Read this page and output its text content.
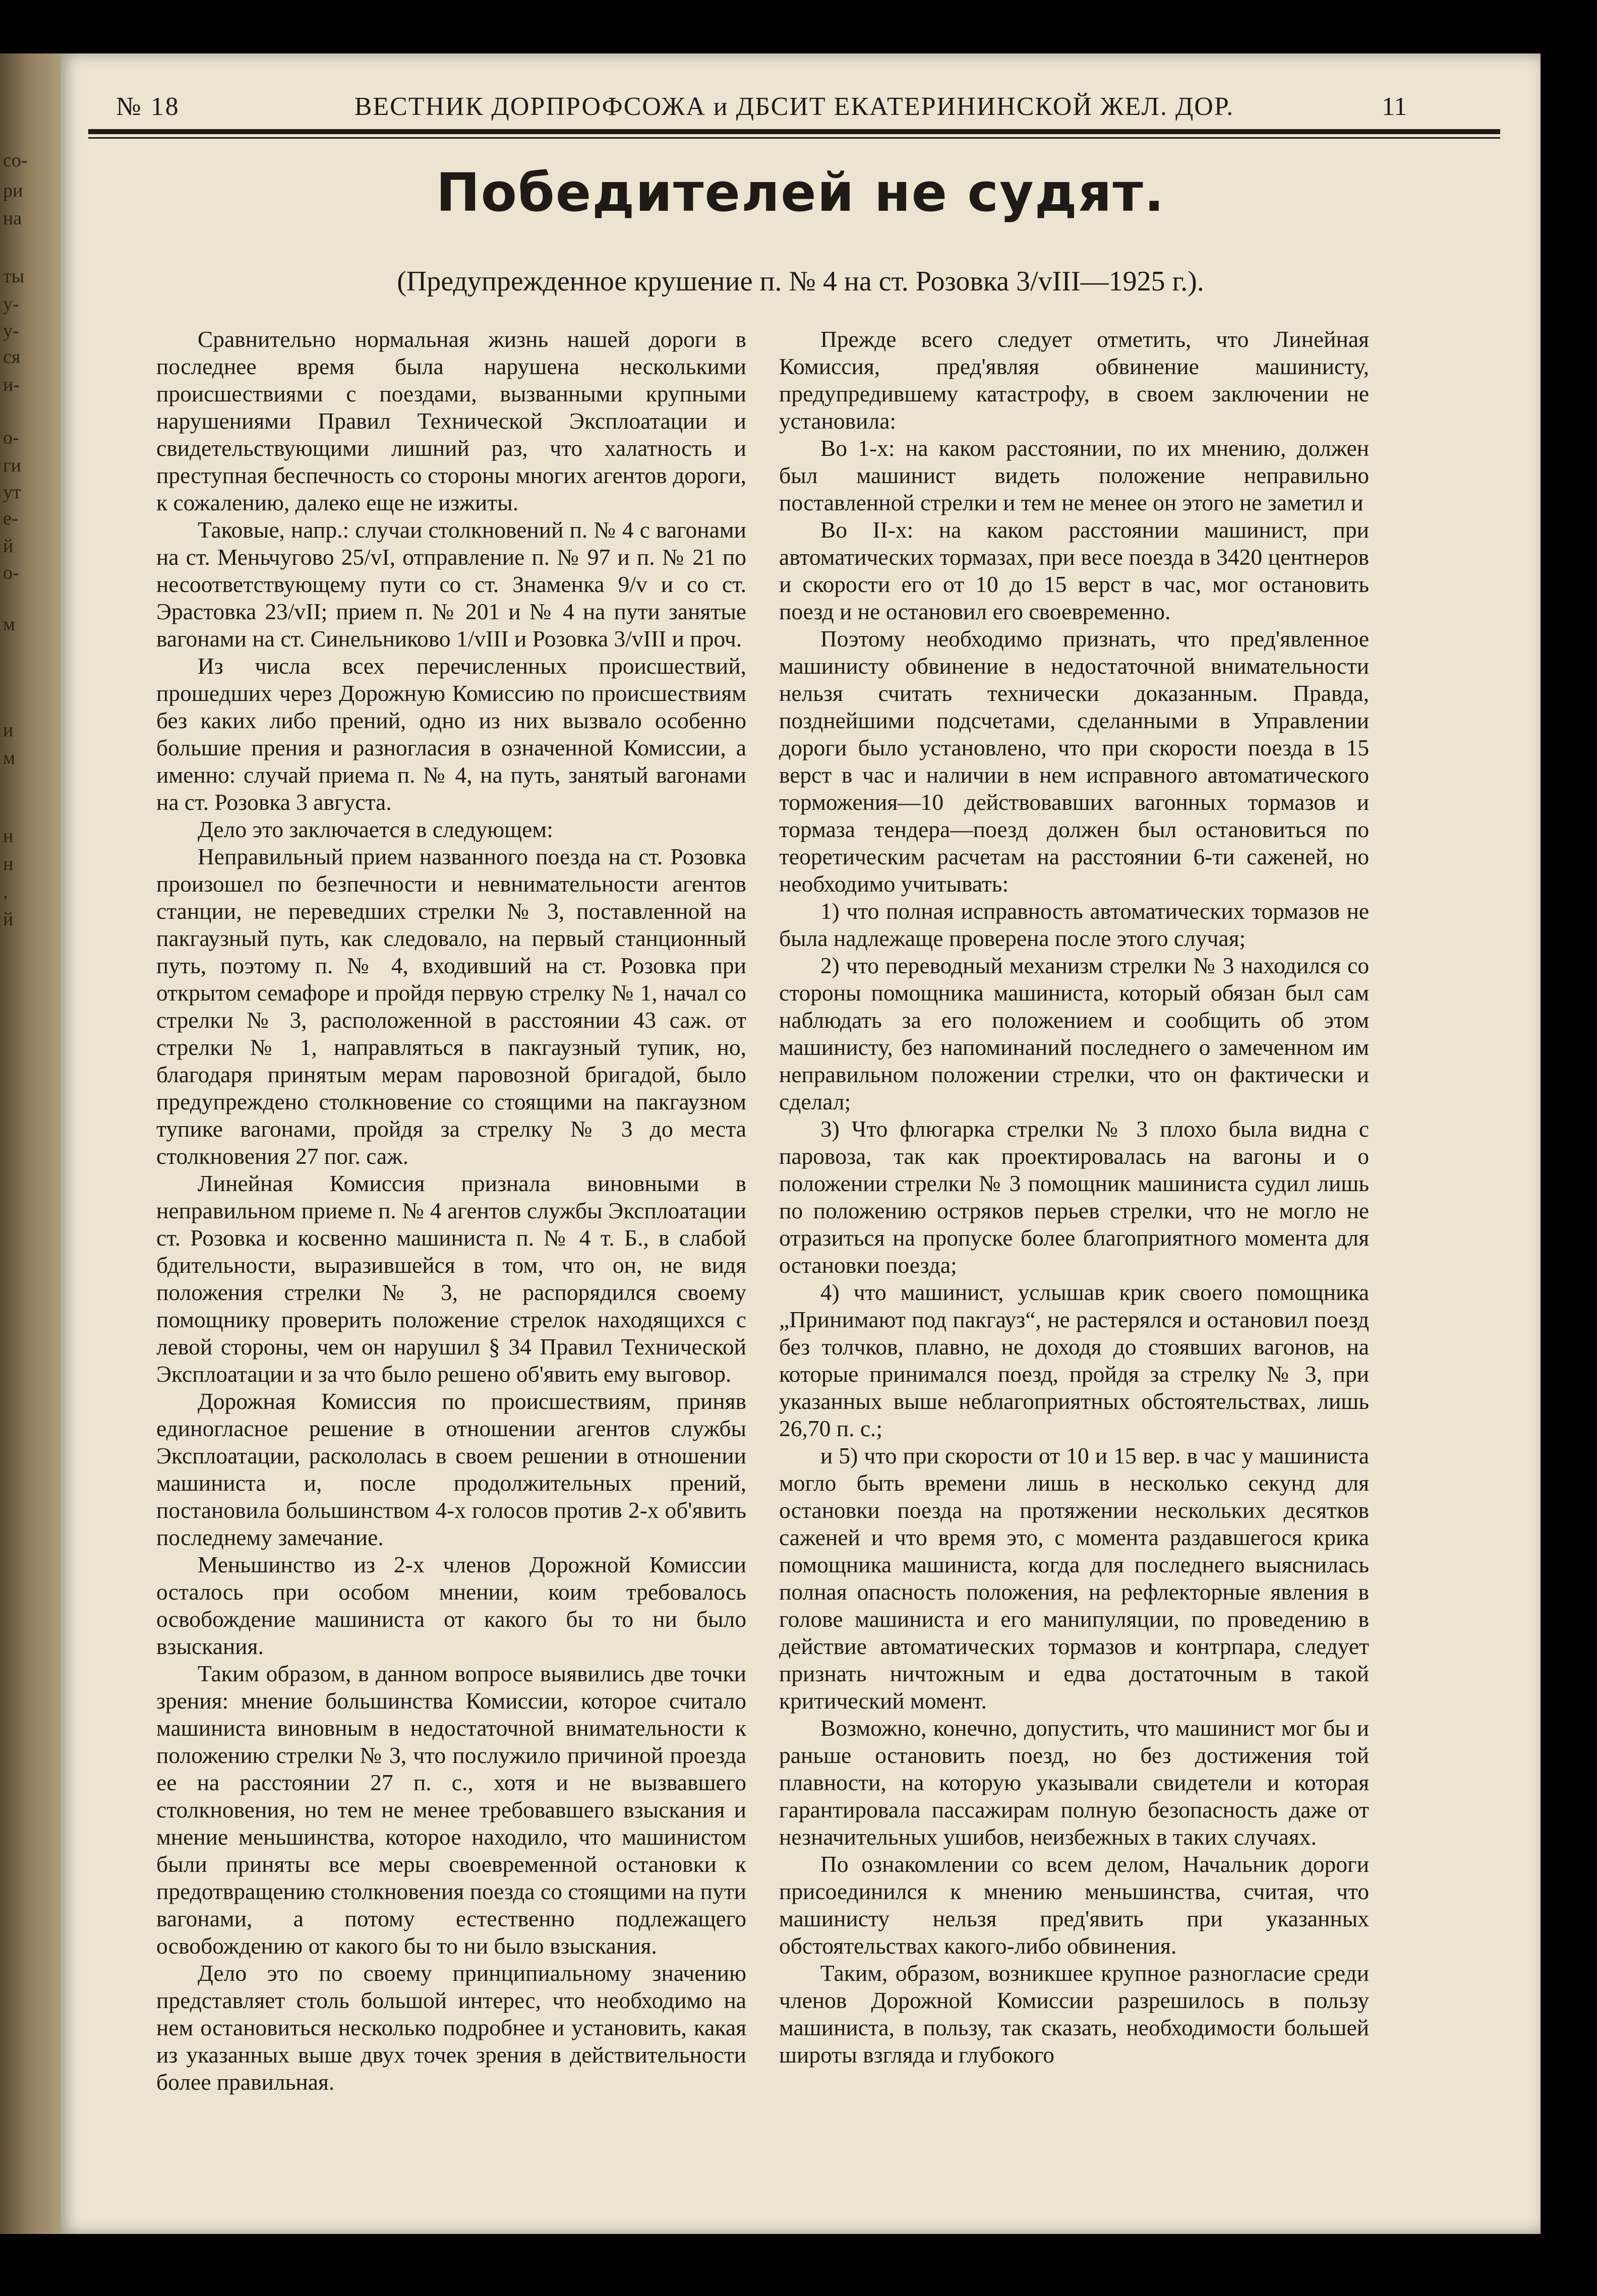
со-
ри
на
ты
у-
у-
ся
и-
о-
ги
ут
е-
й
о-
м
и
м
н
н
,
й
№ 18	ВЕСТНИК ДОРПРОФСОЖА и ДБСИТ ЕКАТЕРИНИНСКОЙ ЖЕЛ. ДОР.	11
Победителей не судят.
(Предупрежденное крушение п. № 4 на ст. Розовка 3/vIII—1925 г.).

Сравнительно нормальная жизнь нашей дороги в последнее время была нарушена несколькими происшествиями с поездами, вызванными крупными нарушениями Правил Технической Эксплоатации и свидетельствующими лишний раз, что халатность и преступная беспечность со стороны многих агентов дороги, к сожалению, далеко еще не изжиты.

Таковые, напр.: случаи столкновений п. № 4 с вагонами на ст. Меньчугово 25/vI, отправление п. № 97 и п. № 21 по несоответствующему пути со ст. Знаменка 9/v и со ст. Эрастовка 23/vII; прием п. № 201 и № 4 на пути занятые вагонами на ст. Синельниково 1/vIII и Розовка 3/vIII и проч.

Из числа всех перечисленных происшествий, прошедших через Дорожную Комиссию по происшествиям без каких либо прений, одно из них вызвало особенно большие прения и разногласия в означенной Комиссии, а именно: случай приема п. № 4, на путь, занятый вагонами на ст. Розовка 3 августа.

Дело это заключается в следующем:

Неправильный прием названного поезда на ст. Розовка произошел по безпечности и невнимательности агентов станции, не переведших стрелки № 3, поставленной на пакгаузный путь, как следовало, на первый станционный путь, поэтому п. № 4, входивший на ст. Розовка при открытом семафоре и пройдя первую стрелку № 1, начал со стрелки № 3, расположенной в расстоянии 43 саж. от стрелки № 1, направляться в пакгаузный тупик, но, благодаря принятым мерам паровозной бригадой, было предупреждено столкновение со стоящими на пакгаузном тупике вагонами, пройдя за стрелку № 3 до места столкновения 27 пог. саж.

Линейная Комиссия признала виновными в неправильном приеме п. № 4 агентов службы Эксплоатации ст. Розовка и косвенно машиниста п. № 4 т. Б., в слабой бдительности, выразившейся в том, что он, не видя положения стрелки № 3, не распорядился своему помощнику проверить положение стрелок находящихся с левой стороны, чем он нарушил § 34 Правил Технической Эксплоатации и за что было решено об'явить ему выговор.

Дорожная Комиссия по происшествиям, приняв единогласное решение в отношении агентов службы Эксплоатации, раскололась в своем решении в отношении машиниста и, после продолжительных прений, постановила большинством 4-х голосов против 2-х об'явить последнему замечание.

Меньшинство из 2-х членов Дорожной Комиссии осталось при особом мнении, коим требовалось освобождение машиниста от какого бы то ни было взыскания.

Таким образом, в данном вопросе выявились две точки зрения: мнение большинства Комиссии, которое считало машиниста виновным в недостаточной внимательности к положению стрелки № 3, что послужило причиной проезда ее на расстоянии 27 п. с., хотя и не вызвавшего столкновения, но тем не менее требовавшего взыскания и мнение меньшинства, которое находило, что машинистом были приняты все меры своевременной остановки к предотвращению столкновения поезда со стоящими на пути вагонами, а потому естественно подлежащего освобождению от какого бы то ни было взыскания.

Дело это по своему принципиальному значению представляет столь большой интерес, что необходимо на нем остановиться несколько подробнее и установить, какая из указанных выше двух точек зрения в действительности более правильная.

Прежде всего следует отметить, что Линейная Комиссия, пред'являя обвинение машинисту, предупредившему катастрофу, в своем заключении не установила:

Во 1-х: на каком расстоянии, по их мнению, должен был машинист видеть положение неправильно поставленной стрелки и тем не менее он этого не заметил и

Во II-х: на каком расстоянии машинист, при автоматических тормазах, при весе поезда в 3420 центнеров и скорости его от 10 до 15 верст в час, мог остановить поезд и не остановил его своевременно.

Поэтому необходимо признать, что пред'явленное машинисту обвинение в недостаточной внимательности нельзя считать технически доказанным. Правда, позднейшими подсчетами, сделанными в Управлении дороги было установлено, что при скорости поезда в 15 верст в час и наличии в нем исправного автоматического торможения—10 действовавших вагонных тормазов и тормаза тендера—поезд должен был остановиться по теоретическим расчетам на расстоянии 6-ти саженей, но необходимо учитывать:

1) что полная исправность автоматических тормазов не была надлежаще проверена после этого случая;

2) что переводный механизм стрелки № 3 находился со стороны помощника машиниста, который обязан был сам наблюдать за его положением и сообщить об этом машинисту, без напоминаний последнего о замеченном им неправильном положении стрелки, что он фактически и сделал;

3) Что флюгарка стрелки № 3 плохо была видна с паровоза, так как проектировалась на вагоны и о положении стрелки № 3 помощник машиниста судил лишь по положению остряков перьев стрелки, что не могло не отразиться на пропуске более благоприятного момента для остановки поезда;

4) что машинист, услышав крик своего помощника „Принимают под пакгауз“, не растерялся и остановил поезд без толчков, плавно, не доходя до стоявших вагонов, на которые принимался поезд, пройдя за стрелку № 3, при указанных выше неблагоприятных обстоятельствах, лишь 26,70 п. с.;

и 5) что при скорости от 10 и 15 вер. в час у машиниста могло быть времени лишь в несколько секунд для остановки поезда на протяжении нескольких десятков саженей и что время это, с момента раздавшегося крика помощника машиниста, когда для последнего выяснилась полная опасность положения, на рефлекторные явления в голове машиниста и его манипуляции, по проведению в действие автоматических тормазов и контрпара, следует признать ничтожным и едва достаточным в такой критический момент.

Возможно, конечно, допустить, что машинист мог бы и раньше остановить поезд, но без достижения той плавности, на которую указывали свидетели и которая гарантировала пассажирам полную безопасность даже от незначительных ушибов, неизбежных в таких случаях.

По ознакомлении со всем делом, Начальник дороги присоединился к мнению меньшинства, считая, что машинисту нельзя пред'явить при указанных обстоятельствах какого-либо обвинения.

Таким, образом, возникшее крупное разногласие среди членов Дорожной Комиссии разрешилось в пользу машиниста, в пользу, так сказать, необходимости большей широты взгляда и глубокого
